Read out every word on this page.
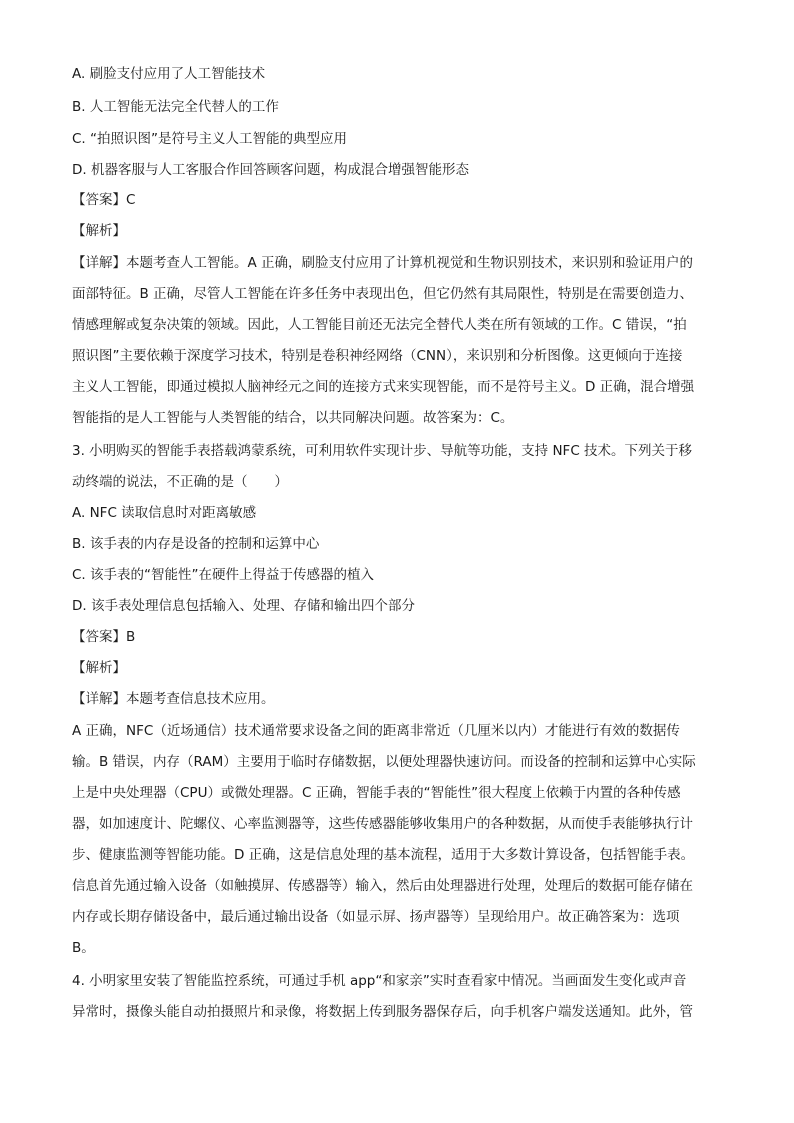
A. 刷脸支付应用了人工智能技术
B. 人工智能无法完全代替人的工作
C. “拍照识图”是符号主义人工智能的典型应用
D. 机器客服与人工客服合作回答顾客问题，构成混合增强智能形态
【答案】C
【解析】
【详解】本题考查人工智能。A 正确，刷脸支付应用了计算机视觉和生物识别技术，来识别和验证用户的
面部特征。B 正确，尽管人工智能在许多任务中表现出色，但它仍然有其局限性，特别是在需要创造力、
情感理解或复杂决策的领域。因此，人工智能目前还无法完全替代人类在所有领域的工作。C 错误，“拍
照识图”主要依赖于深度学习技术，特别是卷积神经网络（CNN），来识别和分析图像。这更倾向于连接
主义人工智能，即通过模拟人脑神经元之间的连接方式来实现智能，而不是符号主义。D 正确，混合增强
智能指的是人工智能与人类智能的结合，以共同解决问题。故答案为：C。
3. 小明购买的智能手表搭载鸿蒙系统，可利用软件实现计步、导航等功能，支持 NFC 技术。下列关于移
动终端的说法，不正确的是（　　）
A. NFC 读取信息时对距离敏感
B. 该手表的内存是设备的控制和运算中心
C. 该手表的“智能性”在硬件上得益于传感器的植入
D. 该手表处理信息包括输入、处理、存储和输出四个部分
【答案】B
【解析】
【详解】本题考查信息技术应用。
A 正确，NFC（近场通信）技术通常要求设备之间的距离非常近（几厘米以内）才能进行有效的数据传
输。B 错误，内存（RAM）主要用于临时存储数据，以便处理器快速访问。而设备的控制和运算中心实际
上是中央处理器（CPU）或微处理器。C 正确，智能手表的“智能性”很大程度上依赖于内置的各种传感
器，如加速度计、陀螺仪、心率监测器等，这些传感器能够收集用户的各种数据，从而使手表能够执行计
步、健康监测等智能功能。D 正确，这是信息处理的基本流程，适用于大多数计算设备，包括智能手表。
信息首先通过输入设备（如触摸屏、传感器等）输入，然后由处理器进行处理，处理后的数据可能存储在
内存或长期存储设备中，最后通过输出设备（如显示屏、扬声器等）呈现给用户。故正确答案为：选项
B。
4. 小明家里安装了智能监控系统，可通过手机 app“和家亲”实时查看家中情况。当画面发生变化或声音
异常时，摄像头能自动拍摄照片和录像，将数据上传到服务器保存后，向手机客户端发送通知。此外，管
